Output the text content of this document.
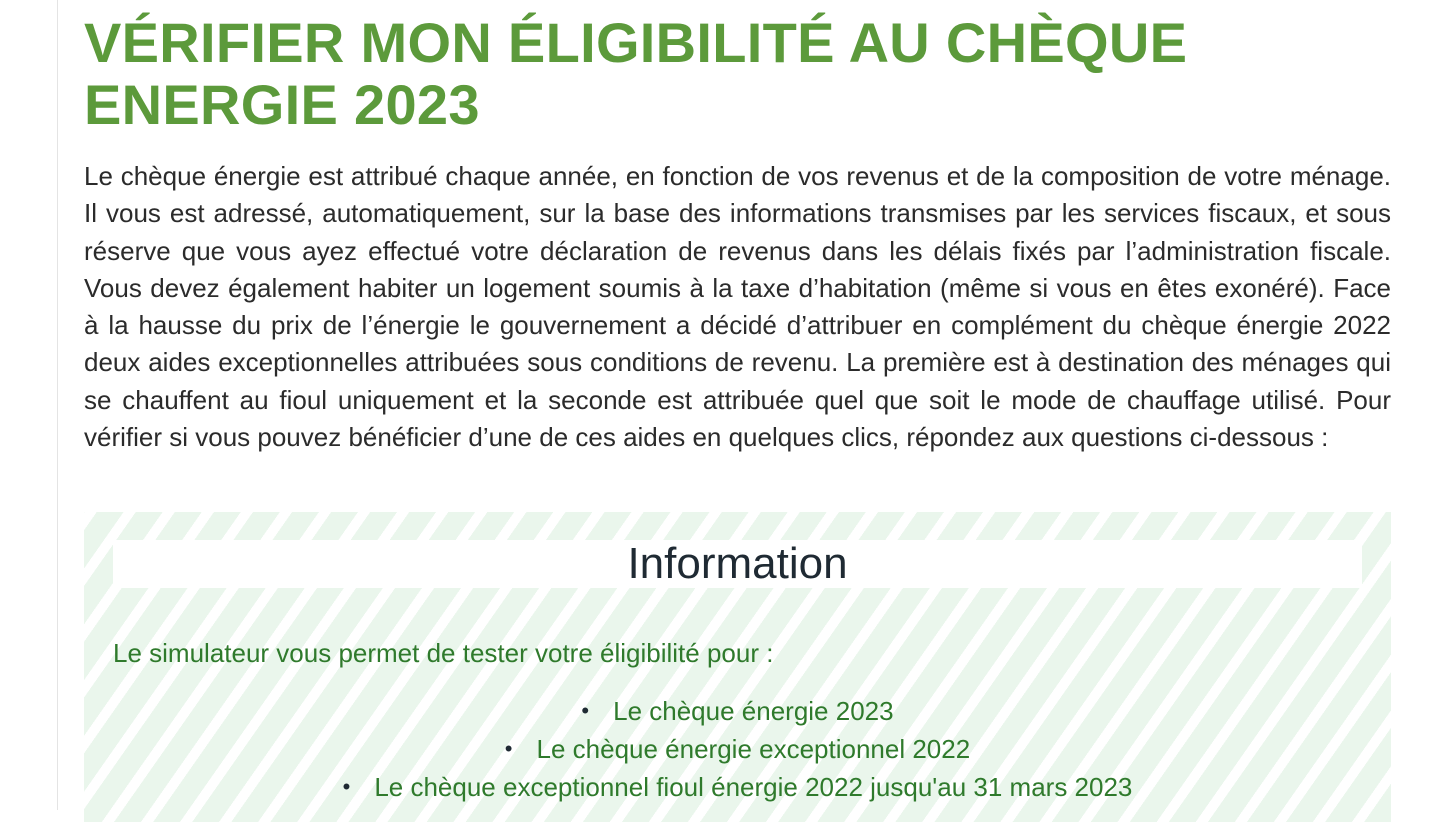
VÉRIFIER MON ÉLIGIBILITÉ AU CHÈQUE ENERGIE 2023

Le chèque énergie est attribué chaque année, en fonction de vos revenus et de la composition de votre ménage. Il vous est adressé, automatiquement, sur la base des informations transmises par les services fiscaux, et sous réserve que vous ayez effectué votre déclaration de revenus dans les délais fixés par l’administration fiscale. Vous devez également habiter un logement soumis à la taxe d’habitation (même si vous en êtes exonéré). Face à la hausse du prix de l’énergie le gouvernement a décidé d’attribuer en complément du chèque énergie 2022 deux aides exceptionnelles attribuées sous conditions de revenu. La première est à destination des ménages qui se chauffent au fioul uniquement et la seconde est attribuée quel que soit le mode de chauffage utilisé. Pour vérifier si vous pouvez bénéficier d’une de ces aides en quelques clics, répondez aux questions ci-dessous :

Information
Le simulateur vous permet de tester votre éligibilité pour :
• Le chèque énergie 2023
• Le chèque énergie exceptionnel 2022
• Le chèque exceptionnel fioul énergie 2022 jusqu'au 31 mars 2023
